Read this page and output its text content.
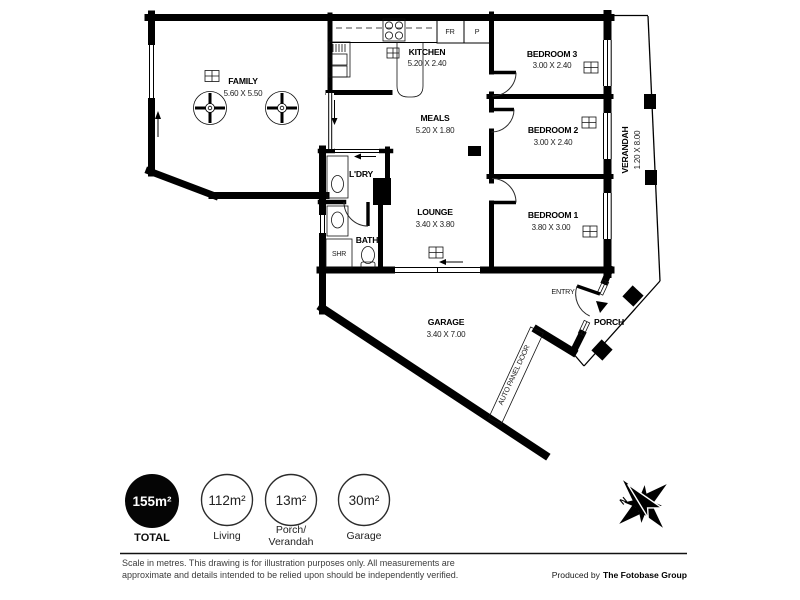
FAMILY
5.60 X 5.50
KITCHEN
5.20 X 2.40
MEALS
5.20 X 1.80
LOUNGE
3.40 X 3.80
BEDROOM 3
3.00 X 2.40
BEDROOM 2
3.00 X 2.40
BEDROOM 1
3.80 X 3.00
GARAGE
3.40 X 7.00
L'DRY
BATH
SHR
PORCH
ENTRY
FR	P
VERANDAH 1.20 X 8.00
AUTO PANEL DOOR
N
155m²
TOTAL
112m²
Living
13m²
Porch/
Verandah
30m²
Garage
Scale in metres. This drawing is for illustration purposes only. All measurements are
approximate and details intended to be relied upon should be independently verified.	Produced by The Fotobase Group
